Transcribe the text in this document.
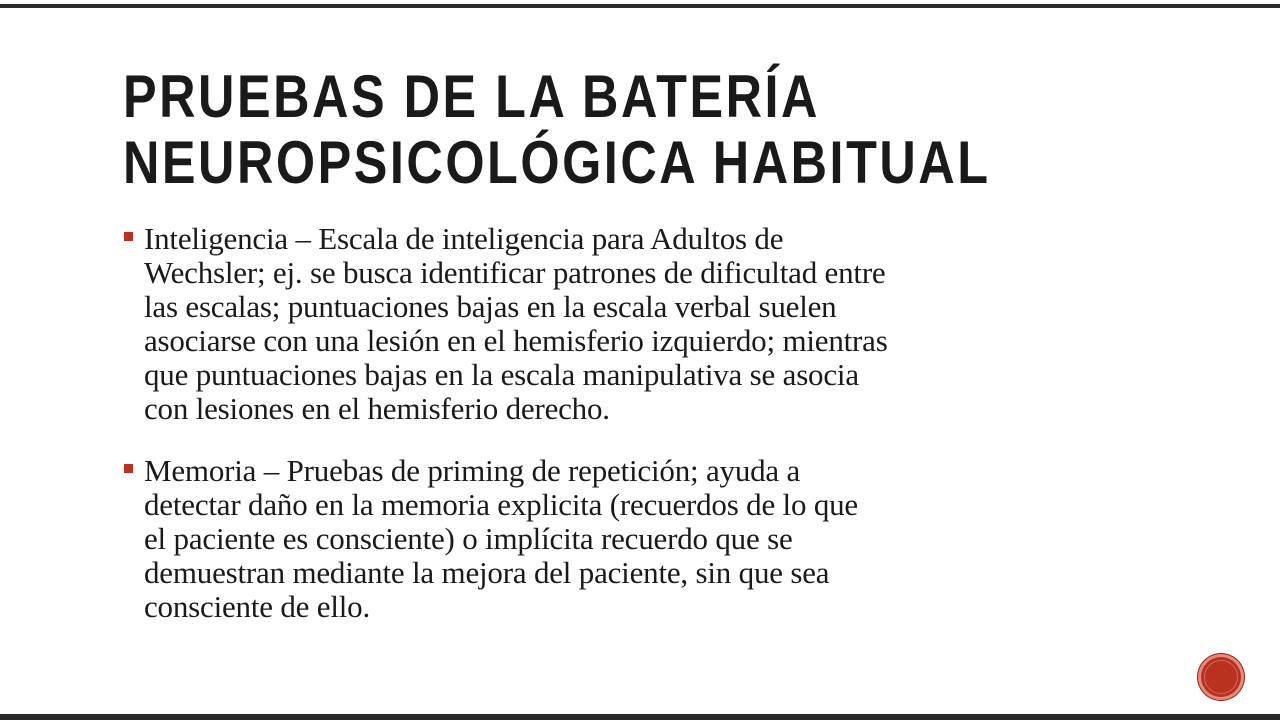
PRUEBAS DE LA BATERÍA
NEUROPSICOLÓGICA HABITUAL
Inteligencia – Escala de inteligencia para Adultos de
Wechsler; ej. se busca identificar patrones de dificultad entre
las escalas; puntuaciones bajas en la escala verbal suelen
asociarse con una lesión en el hemisferio izquierdo; mientras
que puntuaciones bajas en la escala manipulativa se asocia
con lesiones en el hemisferio derecho.
Memoria – Pruebas de priming de repetición; ayuda a
detectar daño en la memoria explicita (recuerdos de lo que
el paciente es consciente) o implícita recuerdo que se
demuestran mediante la mejora del paciente, sin que sea
consciente de ello.
